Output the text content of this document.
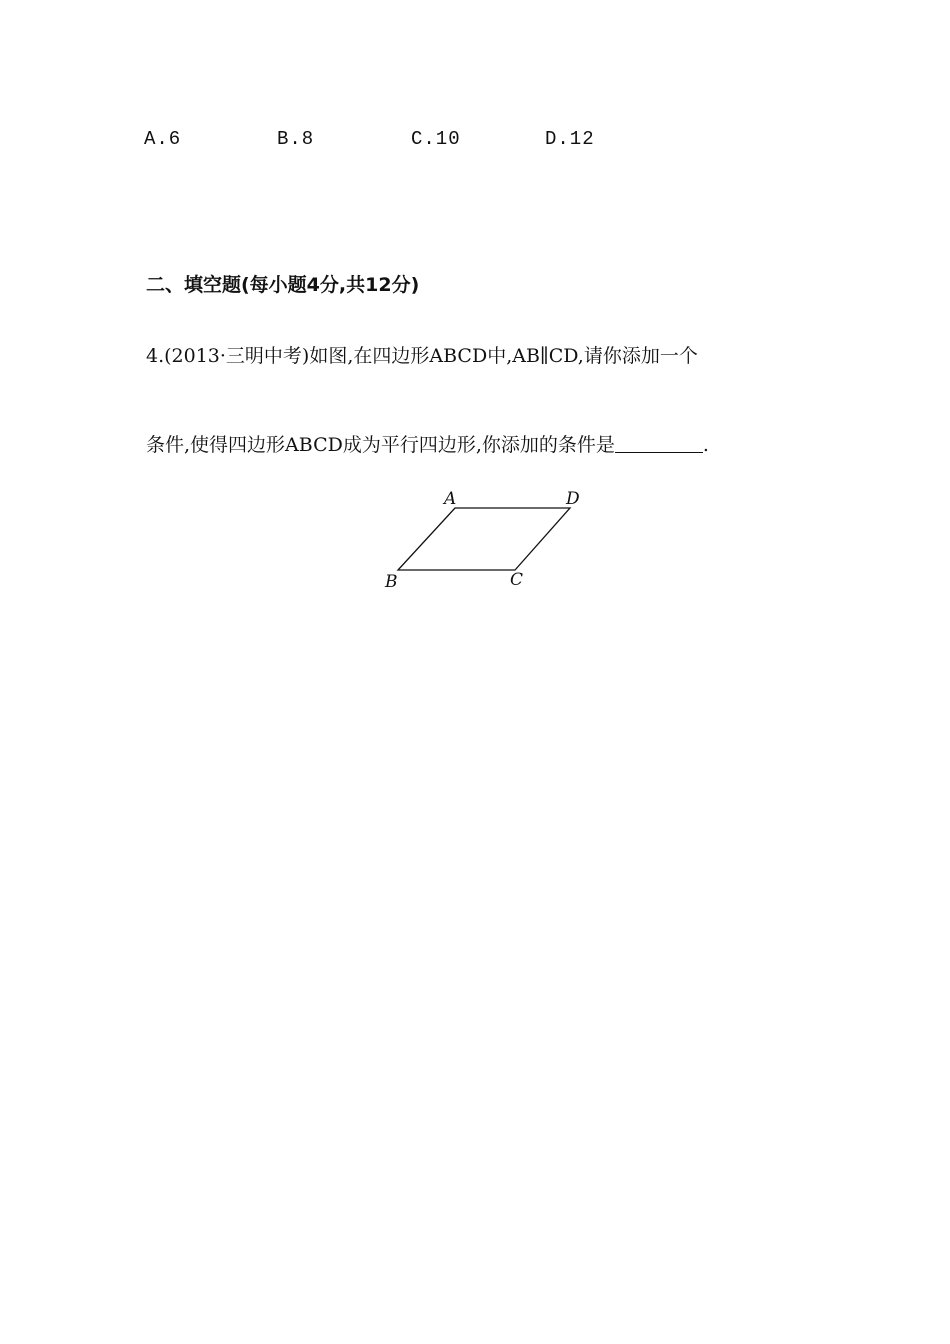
A.6	B.8	C.10	D.12
二、填空题(每小题4分,共12分)
4.(2013·三明中考)如图,在四边形ABCD中,AB∥CD,请你添加一个
条件,使得四边形ABCD成为平行四边形,你添加的条件是	.
A	D
B	C
